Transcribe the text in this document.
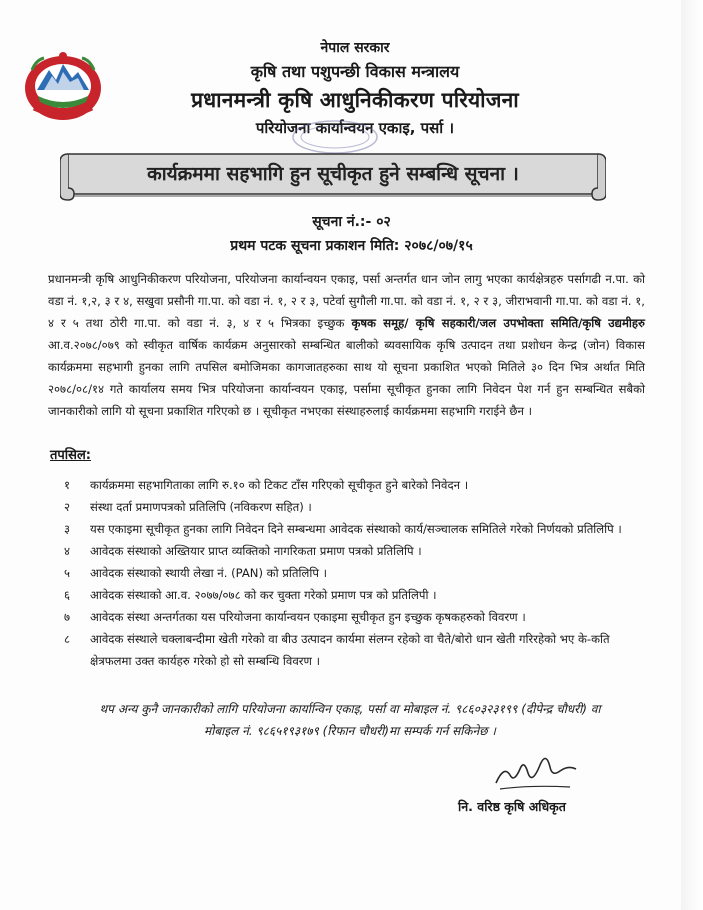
नेपाल सरकार
कृषि तथा पशुपन्छी विकास मन्त्रालय
प्रधानमन्त्री कृषि आधुनिकीकरण परियोजना
परियोजना कार्यान्वयन एकाइ, पर्सा ।
कार्यक्रममा सहभागि हुन सूचीकृत हुने सम्बन्धि सूचना ।
सूचना नं.:- ०२
प्रथम पटक सूचना प्रकाशन मिति: २०७८/०७/१५

प्रधानमन्त्री कृषि आधुनिकीकरण परियोजना, परियोजना कार्यान्वयन एकाइ, पर्सा अन्तर्गत धान जोन लागु भएका कार्यक्षेत्रहरु पर्सागढी न.पा. को वडा नं. १,२, ३ र ४, सखुवा प्रसौनी गा.पा. को वडा नं. १, २ र ३, पटेर्वा सुगौली गा.पा. को वडा नं. १, २ र ३, जीराभवानी गा.पा. को वडा नं. १, ४ र ५ तथा ठोरी गा.पा. को वडा नं. ३, ४ र ५ भित्रका इच्छुक कृषक समूह/ कृषि सहकारी/जल उपभोक्ता समिति/कृषि उद्यमीहरु आ.व.२०७८/०७९ को स्वीकृत वार्षिक कार्यक्रम अनुसारको सम्बन्धित बालीको ब्यवसायिक कृषि उत्पादन तथा प्रशोधन केन्द्र (जोन) विकास कार्यक्रममा सहभागी हुनका लागि तपसिल बमोजिमका कागजातहरुका साथ यो सूचना प्रकाशित भएको मितिले ३० दिन भित्र अर्थात मिति २०७८/०८/१४ गते कार्यालय समय भित्र परियोजना कार्यान्वयन एकाइ, पर्सामा सूचीकृत हुनका लागि निवेदन पेश गर्न हुन सम्बन्धित सबैको जानकारीको लागि यो सूचना प्रकाशित गरिएको छ । सूचीकृत नभएका संस्थाहरुलाई कार्यक्रममा सहभागि गराईने छैन ।

तपसिल:
१	कार्यक्रममा सहभागिताका लागि रु.१० को टिकट टाँस गरिएको सूचीकृत हुने बारेको निवेदन ।
२	संस्था दर्ता प्रमाणपत्रको प्रतिलिपि (नविकरण सहित) ।
३	यस एकाइमा सूचीकृत हुनका लागि निवेदन दिने सम्बन्धमा आवेदक संस्थाको कार्य/सञ्चालक समितिले गरेको निर्णयको प्रतिलिपि ।
४	आवेदक संस्थाको अख्तियार प्राप्त व्यक्तिको नागरिकता प्रमाण पत्रको प्रतिलिपि ।
५	आवेदक संस्थाको स्थायी लेखा नं. (PAN) को प्रतिलिपि ।
६	आवेदक संस्थाको आ.व. २०७७/०७८ को कर चुक्ता गरेको प्रमाण पत्र को प्रतिलिपी ।
७	आवेदक संस्था अन्तर्गतका यस परियोजना कार्यान्वयन एकाइमा सूचीकृत हुन इच्छुक कृषकहरुको विवरण ।
८	आवेदक संस्थाले चक्लाबन्दीमा खेती गरेको वा बीउ उत्पादन कार्यमा संलग्न रहेको वा चैते/बोरो धान खेती गरिरहेको भए के-कति क्षेत्रफलमा उक्त कार्यहरु गरेको हो सो सम्बन्धि विवरण ।
थप अन्य कुनै जानकारीको लागि परियोजना कार्यान्विन एकाइ, पर्सा वा मोबाइल नं. ९८६०३२३१९९ (दीपेन्द्र चौधरी) वा
मोबाइल नं. ९८६५१९३१७९ (रिफान चौधरी)मा सम्पर्क गर्न सकिनेछ ।
नि. वरिष्ठ कृषि अधिकृत
